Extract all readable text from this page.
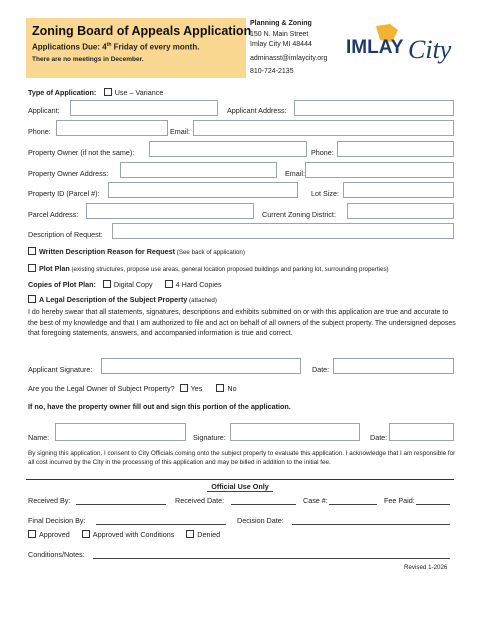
Zoning Board of Appeals Application
Applications Due: 4th Friday of every month.
There are no meetings in December.
Planning & Zoning
150 N. Main Street
Imlay City MI 48444
adminasst@imlaycity.org
810-724-2135
IMLAY City
Type of Application:	Use – Variance
Applicant:	Applicant Address:
Phone:	Email:
Property Owner (if not the same):	Phone:
Property Owner Address:	Email:
Property ID (Parcel #):	Lot Size:
Parcel Address:	Current Zoning District:
Description of Request:
Written Description Reason for Request (See back of application)
Plot Plan (existing structures, propose use areas, general location proposed buildings and parking lot, surrounding properties)
Copies of Plot Plan:	Digital Copy	4 Hard Copies
A Legal Description of the Subject Property (attached)
I do hereby swear that all statements, signatures, descriptions and exhibits submitted on or with this application are true and accurate to the best of my knowledge and that I am authorized to file and act on behalf of all owners of the subject property. The undersigned deposes that foregoing statements, answers, and accompanied information is true and correct.
Applicant Signature:	Date:
Are you the Legal Owner of Subject Property? Yes	No
If no, have the property owner fill out and sign this portion of the application.
Name:	Signature:	Date:
By signing this application, I consent to City Officials coming onto the subject property to evaluate this application. I acknowledge that I am responsible for all cost incurred by the City in the processing of this application and may be billed in addition to the initial fee.
Official Use Only
Received By:	Received Date:	Case #:	Fee Paid:
Final Decision By:	Decision Date:
Approved	Approved with Conditions	Denied
Conditions/Notes:
Revised 1-2026
